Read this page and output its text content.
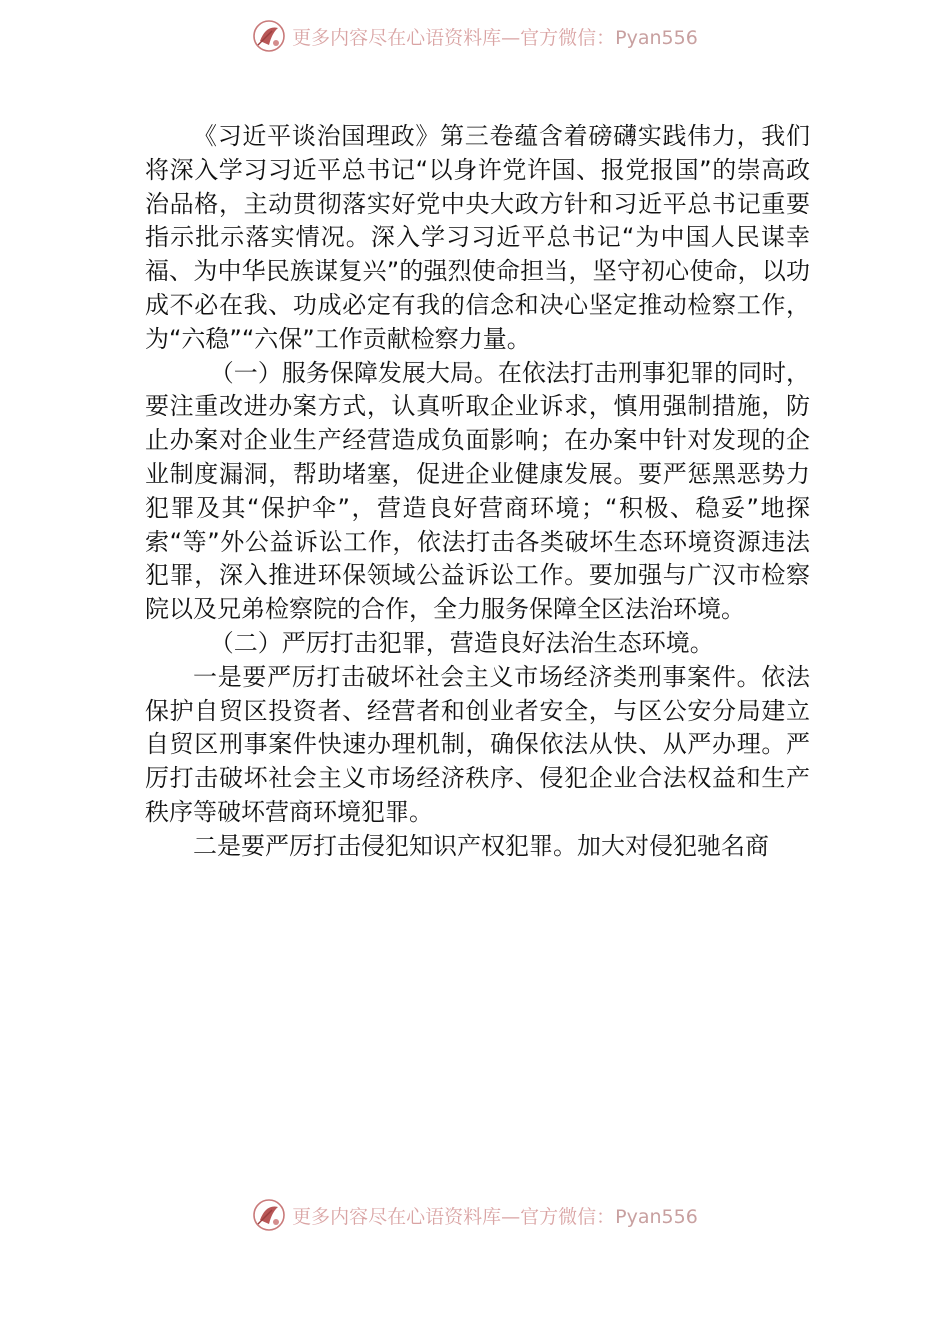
更多内容尽在心语资料库—官方微信：Pyan556

《习近平谈治国理政》第三卷蕴含着磅礴实践伟力，我们将深入学习习近平总书记“以身许党许国、报党报国”的崇高政治品格，主动贯彻落实好党中央大政方针和习近平总书记重要指示批示落实情况。深入学习习近平总书记“为中国人民谋幸福、为中华民族谋复兴”的强烈使命担当，坚守初心使命，以功成不必在我、功成必定有我的信念和决心坚定推动检察工作，为“六稳”“六保”工作贡献检察力量。

（一）服务保障发展大局。在依法打击刑事犯罪的同时，要注重改进办案方式，认真听取企业诉求，慎用强制措施，防止办案对企业生产经营造成负面影响；在办案中针对发现的企业制度漏洞，帮助堵塞，促进企业健康发展。要严惩黑恶势力犯罪及其“保护伞”，营造良好营商环境；“积极、稳妥”地探索“等”外公益诉讼工作，依法打击各类破坏生态环境资源违法犯罪，深入推进环保领域公益诉讼工作。要加强与广汉市检察院以及兄弟检察院的合作，全力服务保障全区法治环境。

（二）严厉打击犯罪，营造良好法治生态环境。

一是要严厉打击破坏社会主义市场经济类刑事案件。依法保护自贸区投资者、经营者和创业者安全，与区公安分局建立自贸区刑事案件快速办理机制，确保依法从快、从严办理。严厉打击破坏社会主义市场经济秩序、侵犯企业合法权益和生产秩序等破坏营商环境犯罪。

二是要严厉打击侵犯知识产权犯罪。加大对侵犯驰名商

更多内容尽在心语资料库—官方微信：Pyan556
